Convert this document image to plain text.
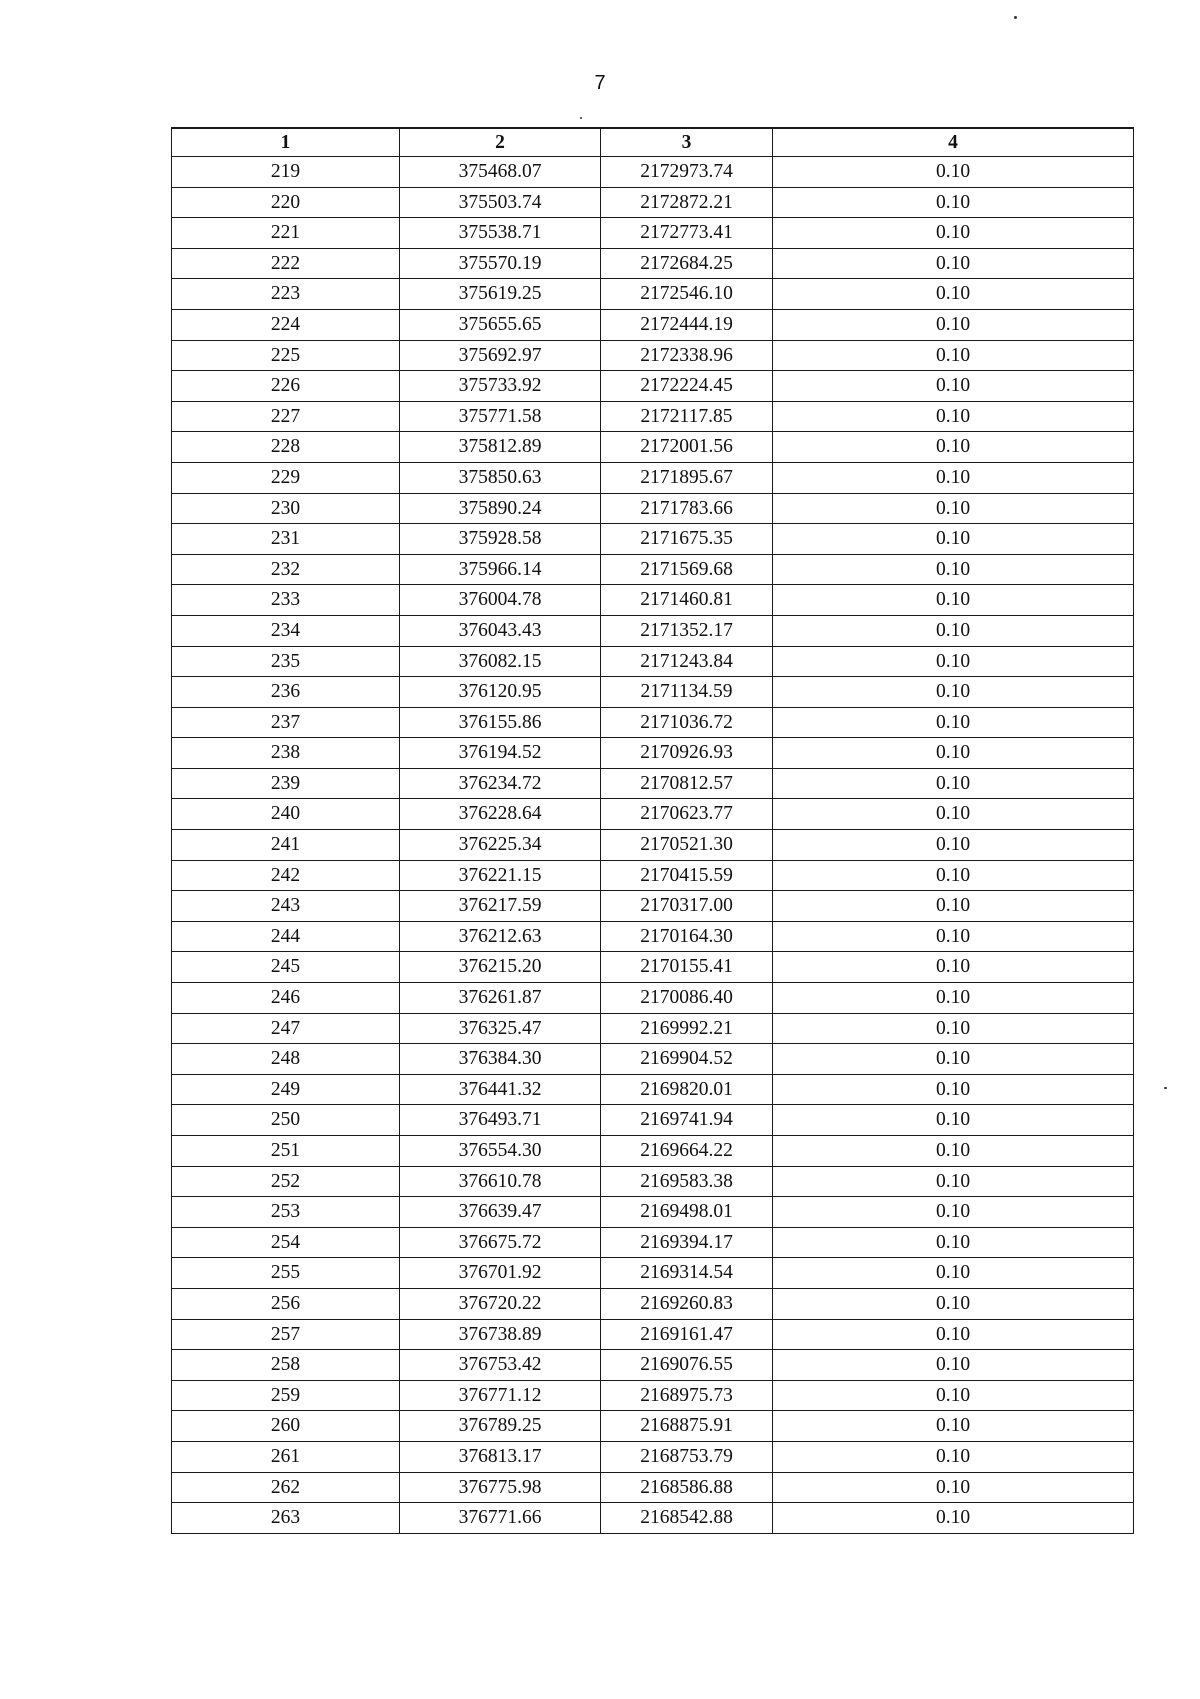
7
1	2	3	4
219	375468.07	2172973.74	0.10
220	375503.74	2172872.21	0.10
221	375538.71	2172773.41	0.10
222	375570.19	2172684.25	0.10
223	375619.25	2172546.10	0.10
224	375655.65	2172444.19	0.10
225	375692.97	2172338.96	0.10
226	375733.92	2172224.45	0.10
227	375771.58	2172117.85	0.10
228	375812.89	2172001.56	0.10
229	375850.63	2171895.67	0.10
230	375890.24	2171783.66	0.10
231	375928.58	2171675.35	0.10
232	375966.14	2171569.68	0.10
233	376004.78	2171460.81	0.10
234	376043.43	2171352.17	0.10
235	376082.15	2171243.84	0.10
236	376120.95	2171134.59	0.10
237	376155.86	2171036.72	0.10
238	376194.52	2170926.93	0.10
239	376234.72	2170812.57	0.10
240	376228.64	2170623.77	0.10
241	376225.34	2170521.30	0.10
242	376221.15	2170415.59	0.10
243	376217.59	2170317.00	0.10
244	376212.63	2170164.30	0.10
245	376215.20	2170155.41	0.10
246	376261.87	2170086.40	0.10
247	376325.47	2169992.21	0.10
248	376384.30	2169904.52	0.10
249	376441.32	2169820.01	0.10
250	376493.71	2169741.94	0.10
251	376554.30	2169664.22	0.10
252	376610.78	2169583.38	0.10
253	376639.47	2169498.01	0.10
254	376675.72	2169394.17	0.10
255	376701.92	2169314.54	0.10
256	376720.22	2169260.83	0.10
257	376738.89	2169161.47	0.10
258	376753.42	2169076.55	0.10
259	376771.12	2168975.73	0.10
260	376789.25	2168875.91	0.10
261	376813.17	2168753.79	0.10
262	376775.98	2168586.88	0.10
263	376771.66	2168542.88	0.10
